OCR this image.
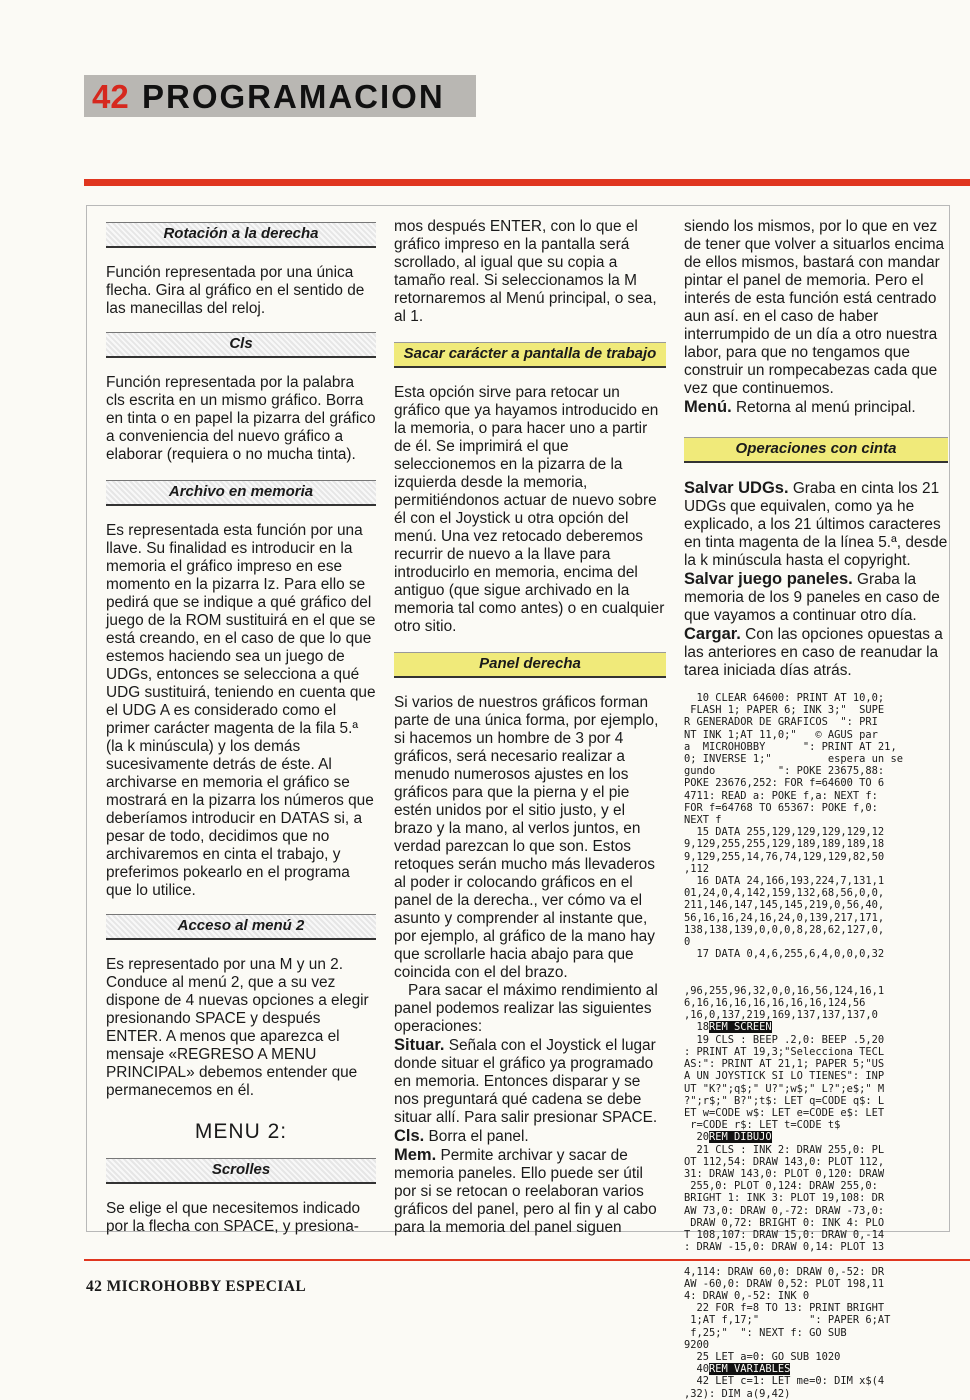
42 PROGRAMACION
Rotación a la derecha

Función representada por una única flecha. Gira al gráfico en el sentido de las manecillas del reloj.

Cls

Función representada por la palabra cls escrita en un mismo gráfico. Borra en tinta o en papel la pizarra del gráfico a conveniencia del nuevo gráfico a elaborar (requiera o no mucha tinta).

Archivo en memoria

Es representada esta función por una llave. Su finalidad es introducir en la memoria el gráfico impreso en ese momento en la pizarra Iz. Para ello se pedirá que se indique a qué gráfico del juego de la ROM sustituirá en el que se está creando, en el caso de que lo que estemos haciendo sea un juego de UDGs, entonces se selecciona a qué UDG sustituirá, teniendo en cuenta que el UDG A es considerado como el primer carácter magenta de la fila 5.ª (la k minúscula) y los demás sucesivamente detrás de éste. Al archivarse en memoria el gráfico se mostrará en la pizarra los números que deberíamos introducir en DATAS si, a pesar de todo, decidimos que no archivaremos en cinta el trabajo, y preferimos pokearlo en el programa que lo utilice.

Acceso al menú 2

Es representado por una M y un 2. Conduce al menú 2, que a su vez dispone de 4 nuevas opciones a elegir presionando SPACE y después ENTER. A menos que aparezca el mensaje «REGRESO A MENU PRINCIPAL» debemos entender que permanecemos en él.

MENU 2:
Scrolles

Se elige el que necesitemos indicado por la flecha con SPACE, y presiona-

mos después ENTER, con lo que el gráfico impreso en la pantalla será scrollado, al igual que su copia a tamaño real. Si seleccionamos la M retornaremos al Menú principal, o sea, al 1.

Sacar carácter a pantalla de trabajo

Esta opción sirve para retocar un gráfico que ya hayamos introducido en la memoria, o para hacer uno a partir de él. Se imprimirá el que seleccionemos en la pizarra de la izquierda desde la memoria, permitiéndonos actuar de nuevo sobre él con el Joystick u otra opción del menú. Una vez retocado deberemos recurrir de nuevo a la llave para introducirlo en memoria, encima del antiguo (que sigue archivado en la memoria tal como antes) o en cualquier otro sitio.

Panel derecha

Si varios de nuestros gráficos forman parte de una única forma, por ejemplo, si hacemos un hombre de 3 por 4 gráficos, será necesario realizar a menudo numerosos ajustes en los gráficos para que la pierna y el pie estén unidos por el sitio justo, y el brazo y la mano, al verlos juntos, en verdad parezcan lo que son. Estos retoques serán mucho más llevaderos al poder ir colocando gráficos en el panel de la derecha., ver cómo va el asunto y comprender al instante que, por ejemplo, al gráfico de la mano hay que scrollarle hacia abajo para que coincida con el del brazo.

Para sacar el máximo rendimiento al panel podemos realizar las siguientes operaciones:

Situar. Señala con el Joystick el lugar donde situar el gráfico ya programado en memoria. Entonces disparar y se nos preguntará qué cadena se debe situar allí. Para salir presionar SPACE.

Cls. Borra el panel.

Mem. Permite archivar y sacar de memoria paneles. Ello puede ser útil por si se retocan o reelaboran varios gráficos del panel, pero al fin y al cabo para la memoria del panel siguen

siendo los mismos, por lo que en vez de tener que volver a situarlos encima de ellos mismos, bastará con mandar pintar el panel de memoria. Pero el interés de esta función está centrado aun así. en el caso de haber interrumpido de un día a otro nuestra labor, para que no tengamos que construir un rompecabezas cada que vez que continuemos.

Menú. Retorna al menú principal.

Operaciones con cinta

Salvar UDGs. Graba en cinta los 21 UDGs que equivalen, como ya he explicado, a los 21 últimos caracteres en tinta magenta de la línea 5.ª, desde la k minúscula hasta el copyright.

Salvar juego paneles. Graba la memoria de los 9 paneles en caso de que vayamos a continuar otro día.

Cargar. Con las opciones opuestas a las anteriores en caso de reanudar la tarea iniciada días atrás.

10 CLEAR 64600: PRINT AT 10,0;
FLASH 1; PAPER 6; INK 3;"  SUPE
R GENERADOR DE GRAFICOS  ": PRI
NT INK 1;AT 11,0;"   © AGUS par
a  MICROHOBBY      ": PRINT AT 21,
0; INVERSE 1;"         espera un se
gundo          ": POKE 23675,88:
POKE 23676,252: FOR f=64600 TO 6
4711: READ a: POKE f,a: NEXT f:
FOR f=64768 TO 65367: POKE f,0:
NEXT f
15 DATA 255,129,129,129,129,12
9,129,255,255,129,189,189,189,18
9,129,255,14,76,74,129,129,82,50
,112
16 DATA 24,166,193,224,7,131,1
01,24,0,4,142,159,132,68,56,0,0,
211,146,147,145,145,219,0,56,40,
56,16,16,24,16,24,0,139,217,171,
138,138,139,0,0,0,8,28,62,127,0,
0
17 DATA 0,4,6,255,6,4,0,0,0,32

,96,255,96,32,0,0,16,56,124,16,1
6,16,16,16,16,16,16,16,124,56
,16,0,137,219,169,137,137,137,0
18REM SCREEN
19 CLS : BEEP .2,0: BEEP .5,20
: PRINT AT 19,3;"Selecciona TECL
AS:": PRINT AT 21,1; PAPER 5;"US
A UN JOYSTICK SI LO TIENES": INP
UT "K?";q$;" U?";w$;" L?";e$;" M
?";r$;" B?";t$: LET q=CODE q$: L
ET w=CODE w$: LET e=CODE e$: LET
r=CODE r$: LET t=CODE t$
20REM DIBUJO
21 CLS : INK 2: DRAW 255,0: PL
OT 112,54: DRAW 143,0: PLOT 112,
31: DRAW 143,0: PLOT 0,120: DRAW
255,0: PLOT 0,124: DRAW 255,0:
BRIGHT 1: INK 3: PLOT 19,108: DR
AW 73,0: DRAW 0,-72: DRAW -73,0:
DRAW 0,72: BRIGHT 0: INK 4: PLO
T 108,107: DRAW 15,0: DRAW 0,-14
: DRAW -15,0: DRAW 0,14: PLOT 13

4,114: DRAW 60,0: DRAW 0,-52: DR
AW -60,0: DRAW 0,52: PLOT 198,11
4: DRAW 0,-52: INK 0
22 FOR f=8 TO 13: PRINT BRIGHT
1;AT f,17;"        ": PAPER 6;AT
f,25;"  ": NEXT f: GO SUB
9200
25 LET a=0: GO SUB 1020
40REM VARIABLES
42 LET c=1: LET me=0: DIM x$(4
,32): DIM a(9,42)
42 MICROHOBBY ESPECIAL
